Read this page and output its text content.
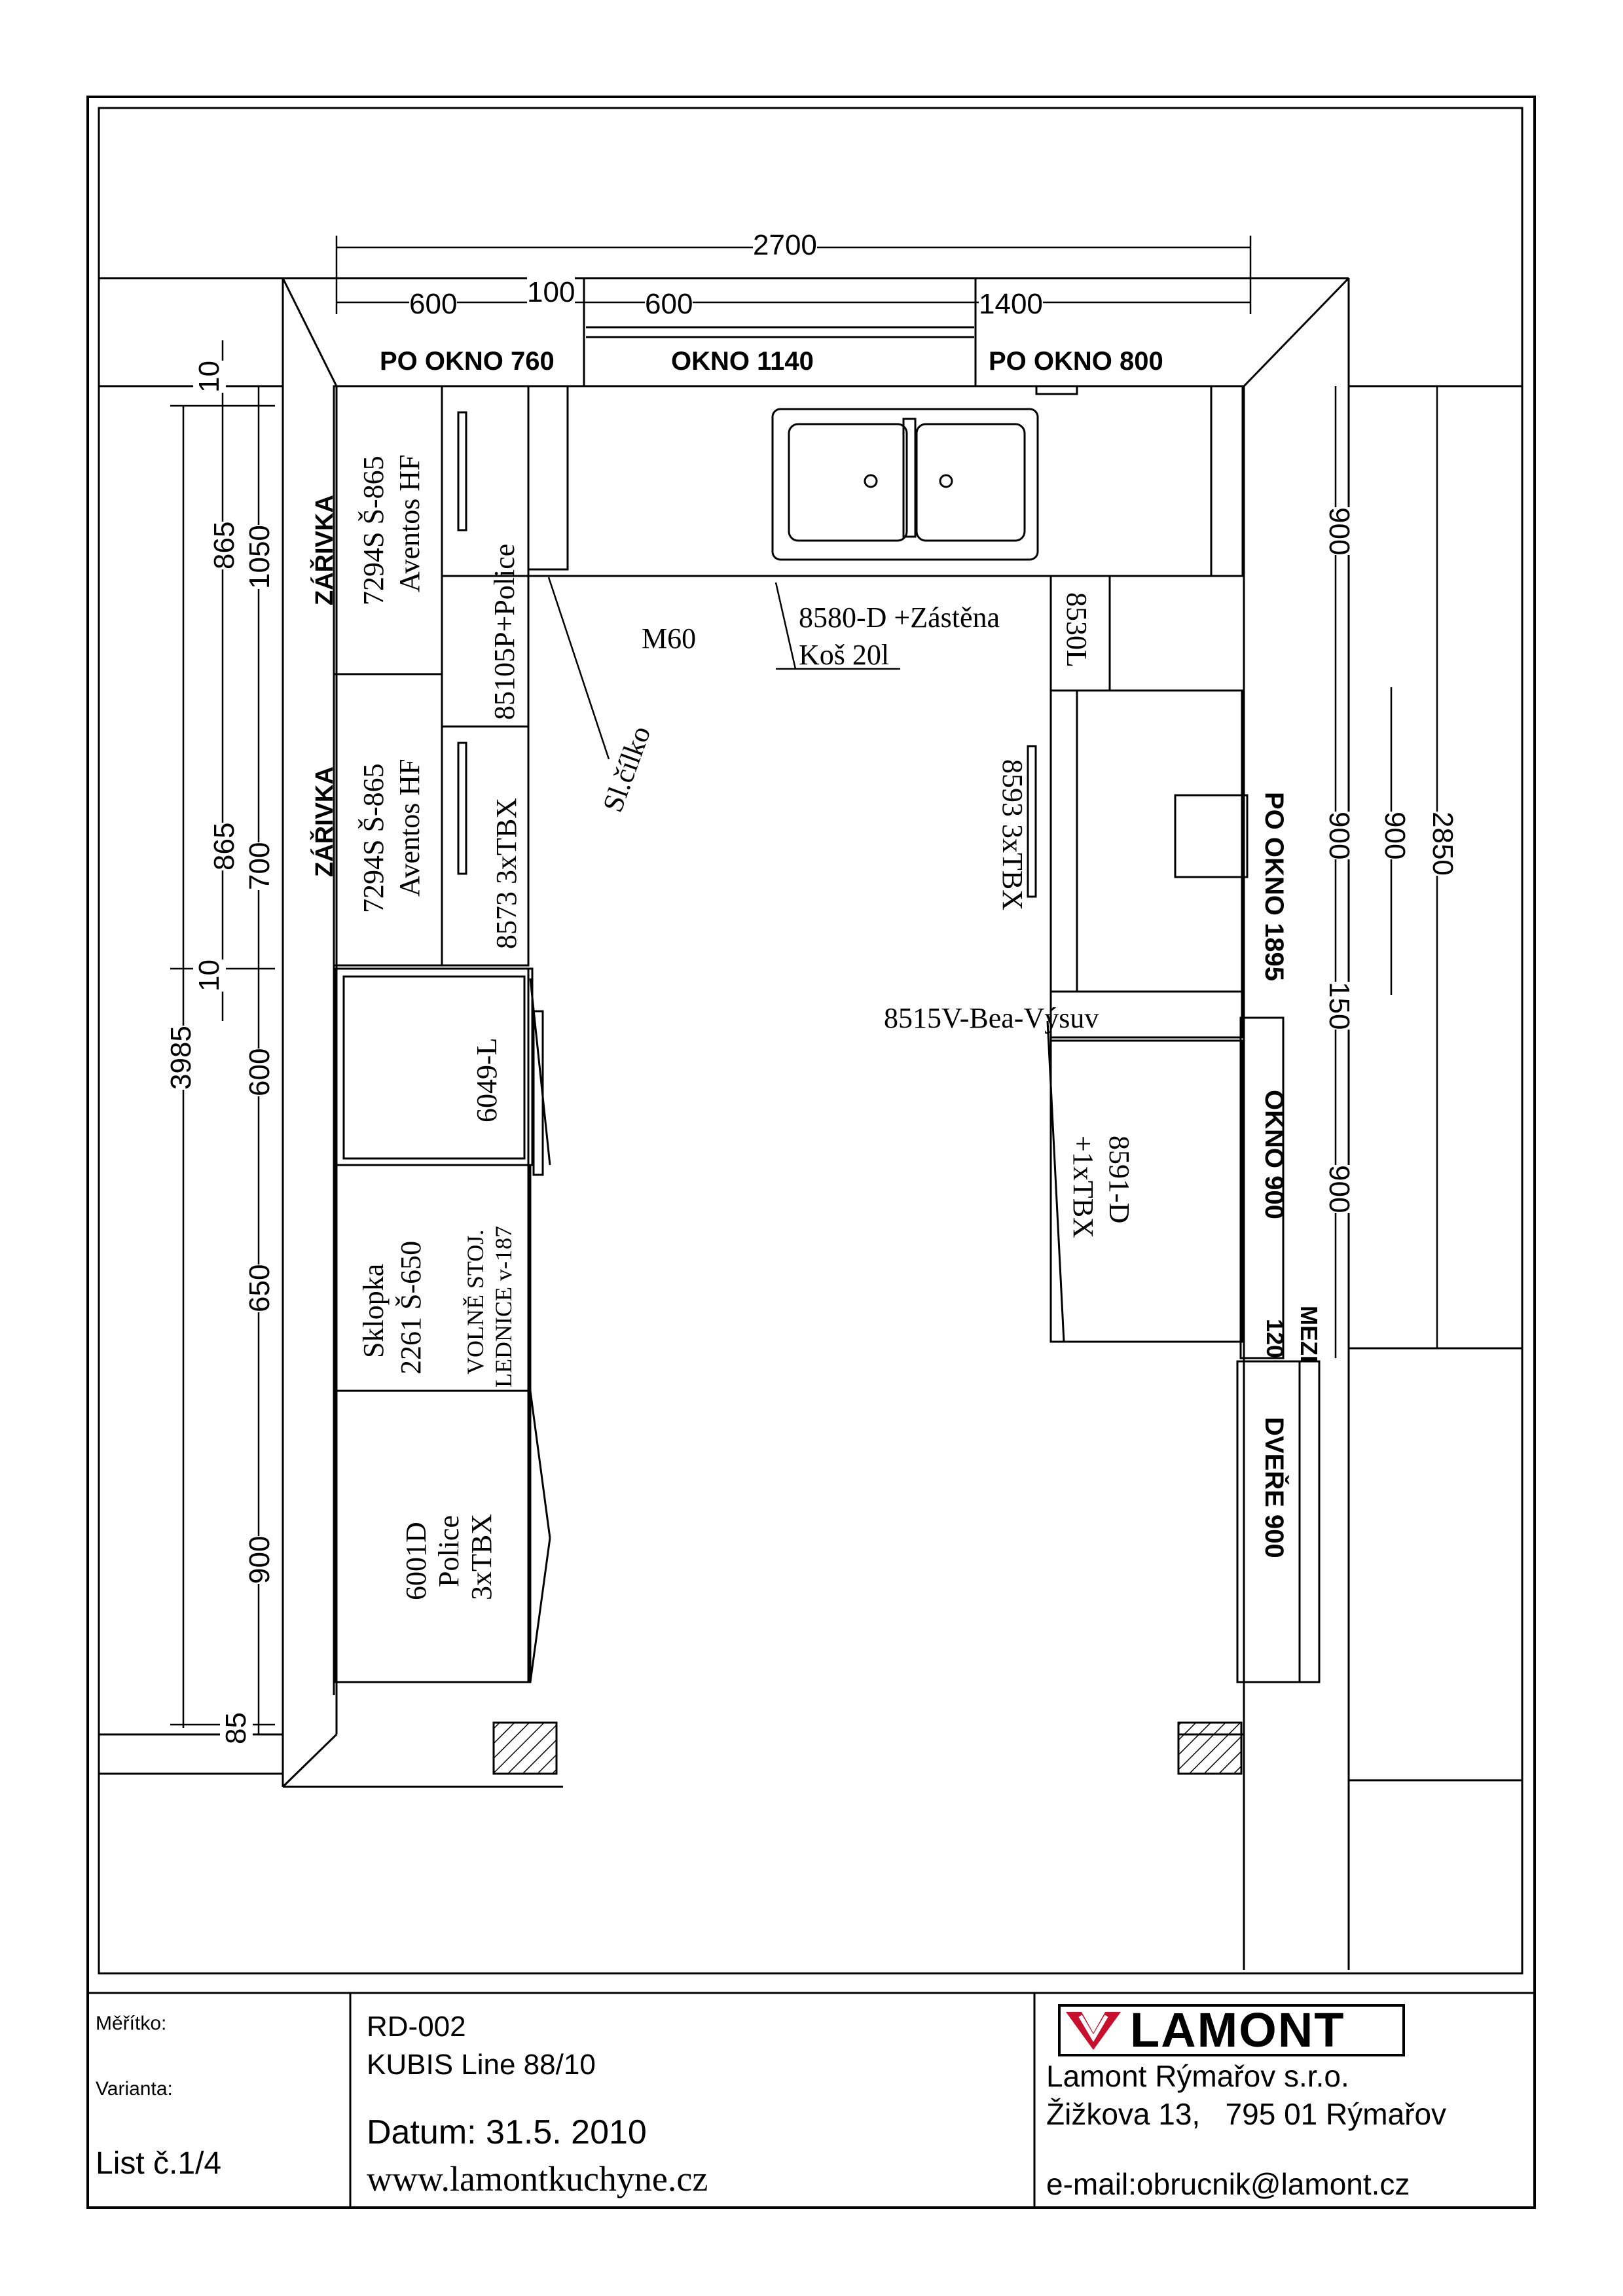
2700
600 100 600	1400
10
865 1050
865 700
10
3985 600
650
900
85
900
900 900
150
900
2850
PO OKNO 760	OKNO 1140	PO OKNO 800
PO OKNO 1895
OKNO 900
MEZI
120
DVEŘE 900
ZÁŘIVKA
ZÁŘIVKA
7294S Š-865 Aventos HF
7294S Š-865 Aventos HF
85105P+Police
8573 3xTBX
6049-L
Sklopka 2261 Š-650 VOLNĚ STOJ. LEDNICE v-187
6001D Police 3xTBX
M60
Sl.čílko
8580-D +Zástěna
Koš 20l	8530L
8593 3xTBX
8515V-Bea-Výsuv
8591-D
+1xTBX
Měřítko:
Varianta:
List č.1/4
RD-002
KUBIS Line 88/10
Datum: 31.5. 2010
www.lamontkuchyne.cz
LAMONT
Lamont Rýmařov s.r.o.
Žižkova 13,   795 01 Rýmařov
e-mail:obrucnik@lamont.cz
